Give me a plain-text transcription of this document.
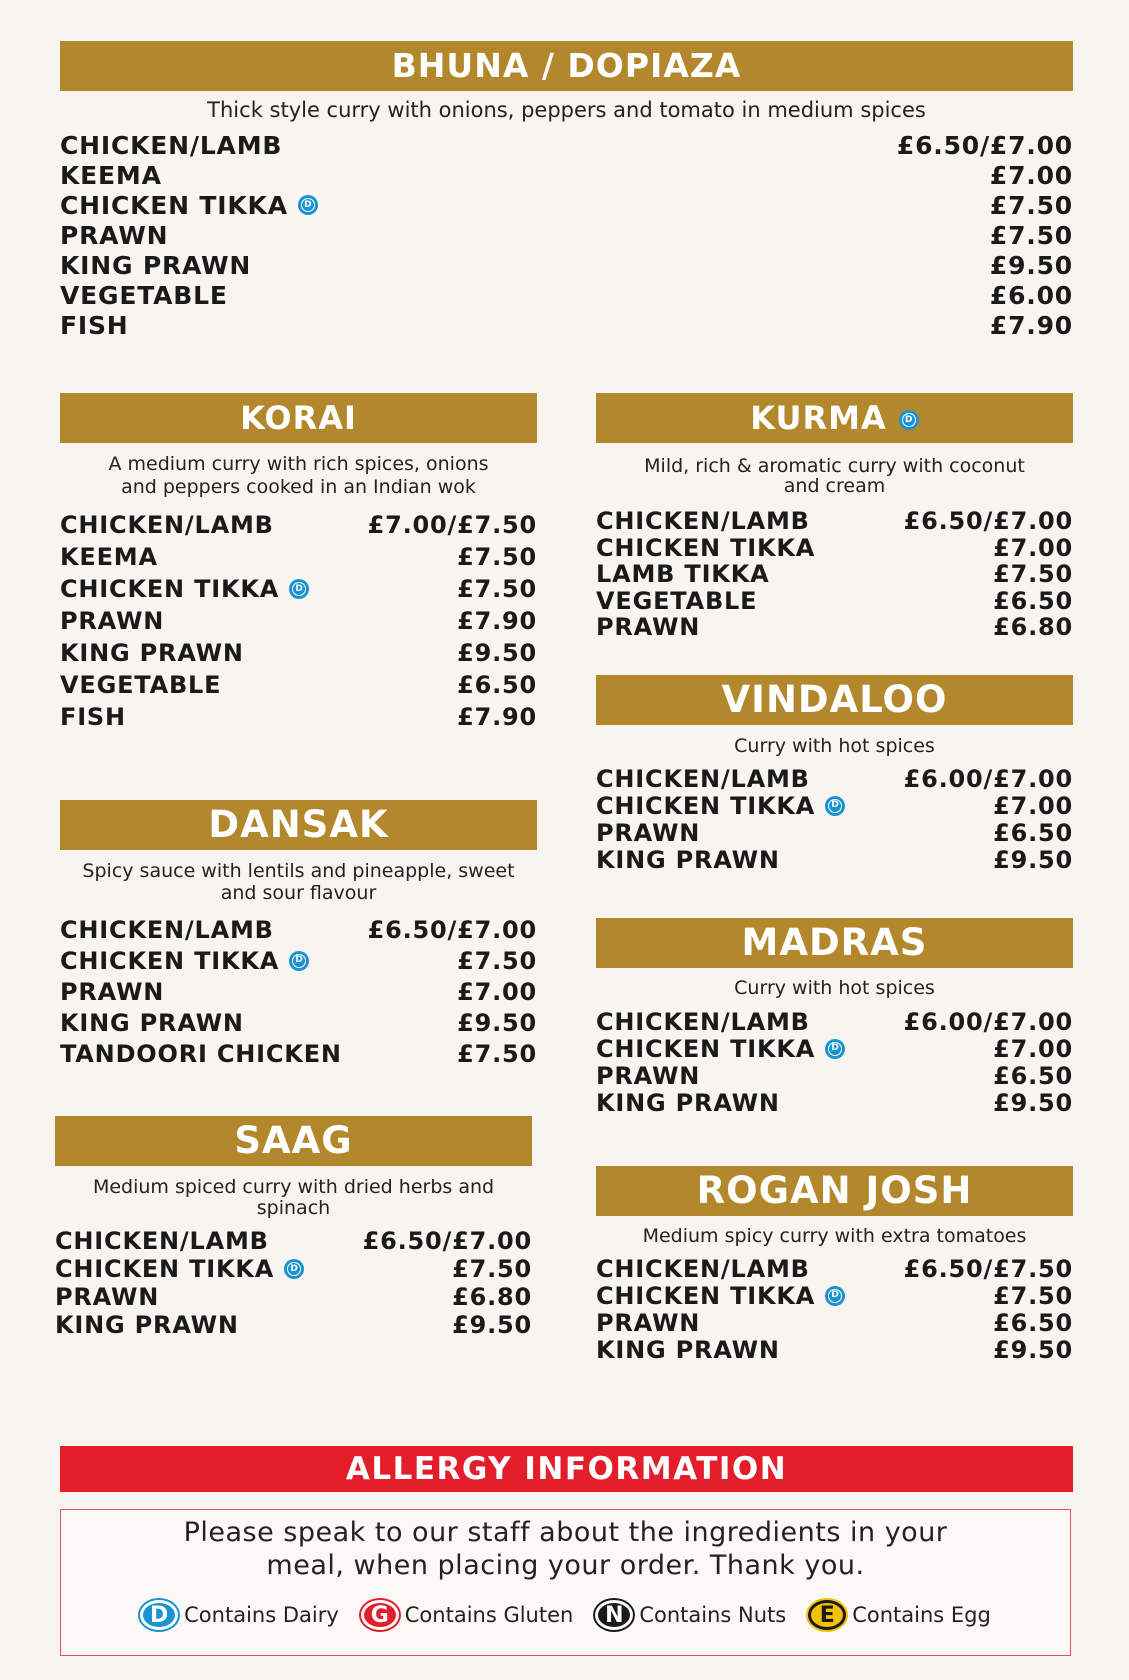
BHUNA / DOPIAZA
Thick style curry with onions, peppers and tomato in medium spices
CHICKEN/LAMB	£6.50/£7.00
KEEMA	£7.00
CHICKEN TIKKA	D	£7.50
PRAWN	£7.50
KING PRAWN	£9.50
VEGETABLE	£6.00
FISH	£7.90
KORAI
A medium curry with rich spices, onions and peppers cooked in an Indian wok
CHICKEN/LAMB	£7.00/£7.50
KEEMA	£7.50
CHICKEN TIKKA	D	£7.50
PRAWN	£7.90
KING PRAWN	£9.50
VEGETABLE	£6.50
FISH	£7.90
KURMA	D
Mild, rich & aromatic curry with coconut and cream
CHICKEN/LAMB	£6.50/£7.00
CHICKEN TIKKA	£7.00
LAMB TIKKA	£7.50
VEGETABLE	£6.50
PRAWN	£6.80
VINDALOO
Curry with hot spices
CHICKEN/LAMB	£6.00/£7.00
CHICKEN TIKKA	D	£7.00
PRAWN	£6.50
KING PRAWN	£9.50
DANSAK
Spicy sauce with lentils and pineapple, sweet and sour flavour
CHICKEN/LAMB	£6.50/£7.00
CHICKEN TIKKA	D	£7.50
PRAWN	£7.00
KING PRAWN	£9.50
TANDOORI CHICKEN	£7.50
MADRAS
Curry with hot spices
CHICKEN/LAMB	£6.00/£7.00
CHICKEN TIKKA	D	£7.00
PRAWN	£6.50
KING PRAWN	£9.50
SAAG
Medium spiced curry with dried herbs and spinach
CHICKEN/LAMB	£6.50/£7.00
CHICKEN TIKKA	D	£7.50
PRAWN	£6.80
KING PRAWN	£9.50
ROGAN JOSH
Medium spicy curry with extra tomatoes
CHICKEN/LAMB	£6.50/£7.50
CHICKEN TIKKA	D	£7.50
PRAWN	£6.50
KING PRAWN	£9.50
ALLERGY INFORMATION
Please speak to our staff about the ingredients in your meal, when placing your order. Thank you.
D Contains Dairy	G Contains Gluten	N Contains Nuts	E Contains Egg
